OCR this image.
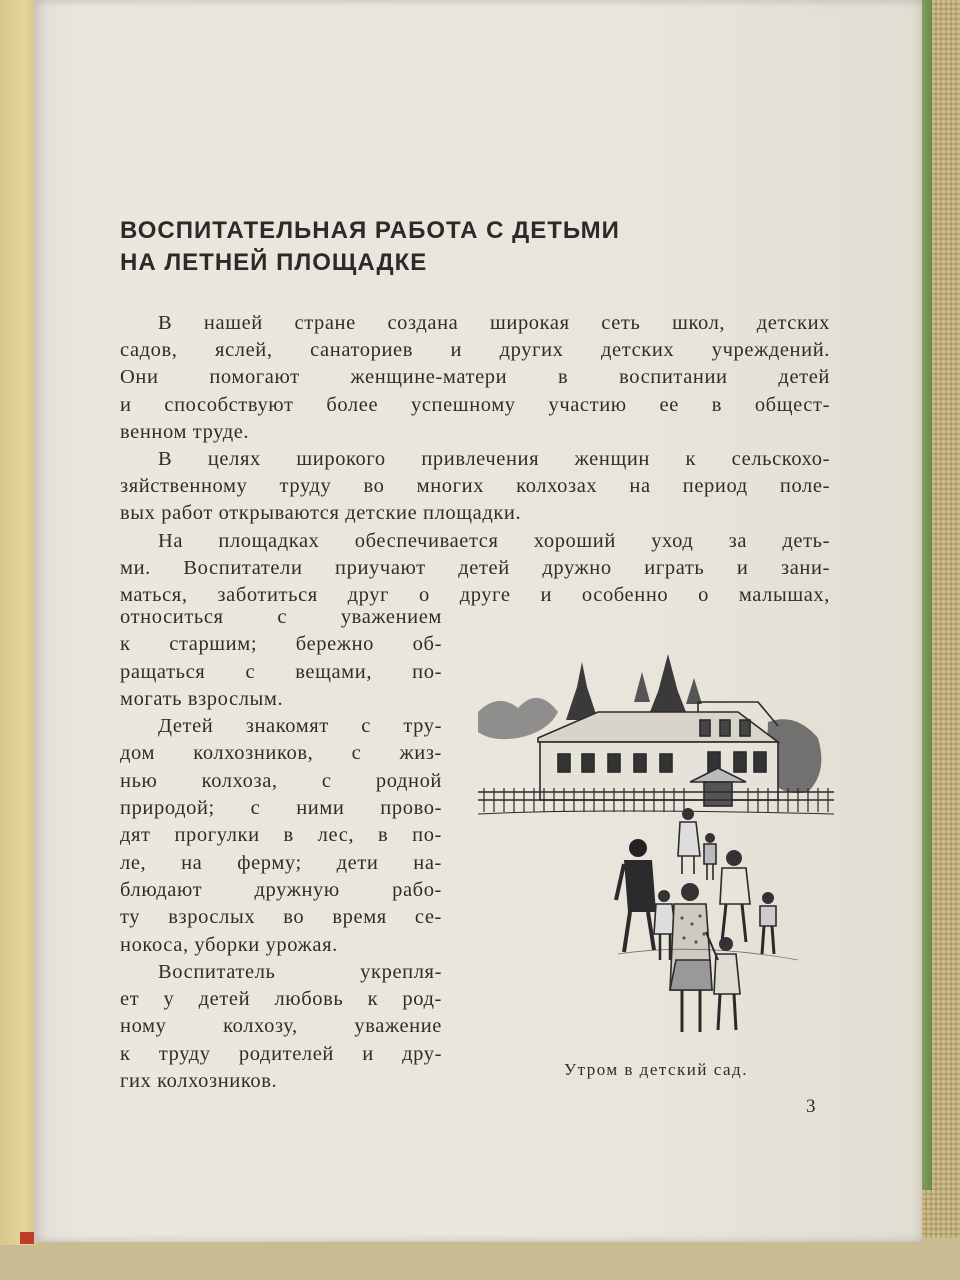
ВОСПИТАТЕЛЬНАЯ РАБОТА С ДЕТЬМИ
НА ЛЕТНЕЙ ПЛОЩАДКЕ
В нашей стране создана широкая сеть школ, детских
садов, яслей, санаториев и других детских учреждений.
Они помогают женщине-матери в воспитании детей
и способствуют более успешному участию ее в общест-
венном труде.
В целях широкого привлечения женщин к сельскохо-
зяйственному труду во многих колхозах на период поле-
вых работ открываются детские площадки.
На площадках обеспечивается хороший уход за деть-
ми. Воспитатели приучают детей дружно играть и зани-
маться, заботиться друг о друге и особенно о малышах,
относиться с уважением
к старшим; бережно об-
ращаться с вещами, по-
могать взрослым.
Детей знакомят с тру-
дом колхозников, с жиз-
нью колхоза, с родной
природой; с ними прово-
дят прогулки в лес, в по-
ле, на ферму; дети на-
блюдают дружную рабо-
ту взрослых во время се-
нокоса, уборки урожая.
Воспитатель укрепля-
ет у детей любовь к род-
ному колхозу, уважение
к труду родителей и дру-
гих колхозников.
Утром в детский сад.
3
